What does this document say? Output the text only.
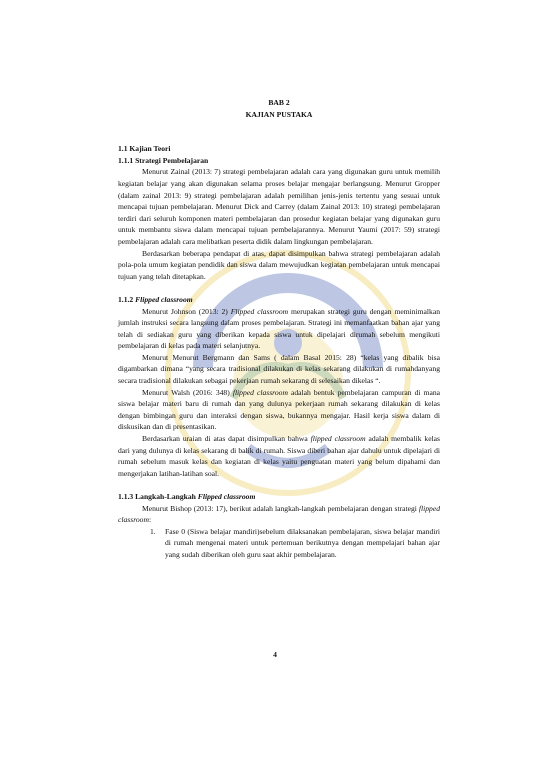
BAB 2
KAJIAN PUSTAKA
1.1 Kajian Teori
1.1.1 Strategi Pembelajaran

Menurut Zainal (2013: 7) strategi pembelajaran adalah cara yang digunakan guru untuk memilih kegiatan belajar yang akan digunakan selama proses belajar mengajar berlangsung. Menurut Gropper (dalam zainal 2013: 9) strategi pembelajaran adalah pemilihan jenis-jenis tertentu yang sesuai untuk mencapai tujuan pembelajaran. Menurut Dick and Carrey (dalam Zainal 2013: 10) strategi pembelajaran terdiri dari seluruh komponen materi pembelajaran dan prosedur kegiatan belajar yang digunakan guru untuk membantu siswa dalam mencapai tujuan pembelajarannya. Menurut Yaumi (2017: 59) strategi pembelajaran adalah cara melibatkan peserta didik dalam lingkungan pembelajaran.

Berdasarkan beberapa pendapat di atas, dapat disimpulkan bahwa strategi pembelajaran adalah pola-pola umum kegiatan pendidik dan siswa dalam mewujudkan kegiatan pembelajaran untuk mencapai tujuan yang telah ditetapkan.

1.1.2 Flipped classroom

Menurut Johnson (2013: 2) Flipped classroom merupakan strategi guru dengan meminimalkan jumlah instruksi secara langsung dalam proses pembelajaran. Strategi ini memanfaatkan bahan ajar yang telah di sediakan guru yang diberikan kepada siswa untuk dipelajari dirumah sebelum mengikuti pembelajaran di kelas pada materi selanjutnya.

Menurut Menurut Bergmann dan Sams ( dalam Basal 2015: 28) “kelas yang dibalik bisa digambarkan dimana “yang secara tradisional dilakukan di kelas sekarang dilakukan di rumahdanyang secara tradisional dilakukan sebagai pekerjaan rumah sekarang di selesaikan dikelas “.

Menurut Walsh (2016: 348) flipped classroom adalah bentuk pembelajaran campuran di mana siswa belajar materi baru di rumah dan yang dulunya pekerjaan rumah sekarang dilakukan di kelas dengan bimbingan guru dan interaksi dengan siswa, bukannya mengajar. Hasil kerja siswa dalam di diskusikan dan di presentasikan.

Berdasarkan uraian di atas dapat disimpulkan bahwa flipped classroom adalah membalik kelas dari yang dulunya di kelas sekarang di balik di rumah. Siswa diberi bahan ajar dahulu untuk dipelajari di rumah sebelum masuk kelas dan kegiatan di kelas yaitu penguatan materi yang belum dipahami dan mengerjakan latihan-latihan soal.

1.1.3 Langkah-Langkah Flipped classroom

Menurut Bishop (2013: 17), berikut adalah langkah-langkah pembelajaran dengan strategi flipped classroom:

1. Fase 0 (Siswa belajar mandiri)sebelum dilaksanakan pembelajaran, siswa belajar mandiri di rumah mengenai materi untuk pertemuan berikutnya dengan mempelajari bahan ajar yang sudah diberikan oleh guru saat akhir pembelajaran.
4
